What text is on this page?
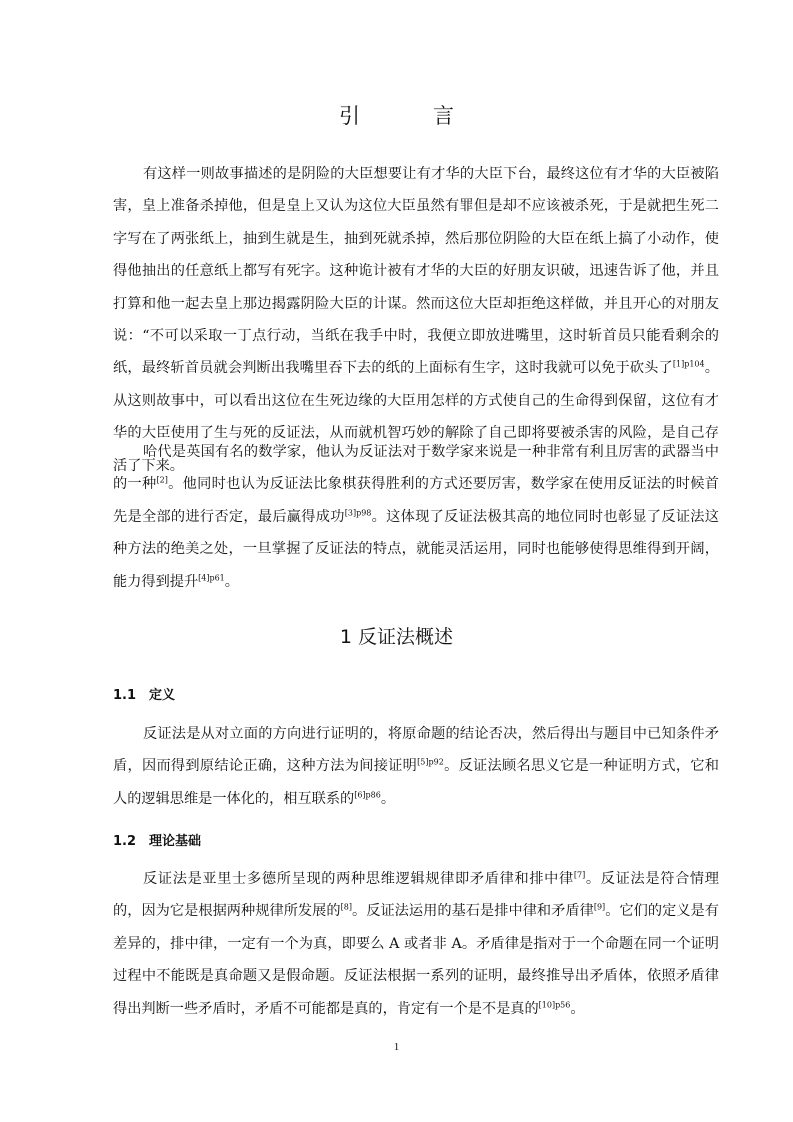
引　言

有这样一则故事描述的是阴险的大臣想要让有才华的大臣下台，最终这位有才华的大臣被陷害，皇上准备杀掉他，但是皇上又认为这位大臣虽然有罪但是却不应该被杀死，于是就把生死二字写在了两张纸上，抽到生就是生，抽到死就杀掉，然后那位阴险的大臣在纸上搞了小动作，使得他抽出的任意纸上都写有死字。这种诡计被有才华的大臣的好朋友识破，迅速告诉了他，并且打算和他一起去皇上那边揭露阴险大臣的计谋。然而这位大臣却拒绝这样做，并且开心的对朋友说：“不可以采取一丁点行动，当纸在我手中时，我便立即放进嘴里，这时斩首员只能看剩余的纸，最终斩首员就会判断出我嘴里吞下去的纸的上面标有生字，这时我就可以免于砍头了$^{[1]p104}$。从这则故事中，可以看出这位在生死边缘的大臣用怎样的方式使自己的生命得到保留，这位有才华的大臣使用了生与死的反证法，从而就机智巧妙的解除了自己即将要被杀害的风险，是自己存活了下来。

哈代是英国有名的数学家，他认为反证法对于数学家来说是一种非常有利且厉害的武器当中的一种[2]。他同时也认为反证法比象棋获得胜利的方式还要厉害，数学家在使用反证法的时候首先是全部的进行否定，最后赢得成功$^{[3]p98}$。这体现了反证法极其高的地位同时也彰显了反证法这种方法的绝美之处，一旦掌握了反证法的特点，就能灵活运用，同时也能够使得思维得到开阔，能力得到提升$^{[4]p61}$。

1 反证法概述
1.1 定义

反证法是从对立面的方向进行证明的，将原命题的结论否决，然后得出与题目中已知条件矛盾，因而得到原结论正确，这种方法为间接证明$^{[5]p92}$。反证法顾名思义它是一种证明方式，它和人的逻辑思维是一体化的，相互联系的$^{[6]p86}$。

1.2 理论基础

反证法是亚里士多德所呈现的两种思维逻辑规律即矛盾律和排中律[7]。反证法是符合情理的，因为它是根据两种规律所发展的[8]。反证法运用的基石是排中律和矛盾律[9]。它们的定义是有差异的，排中律，一定有一个为真，即要么 A 或者非 A。矛盾律是指对于一个命题在同一个证明过程中不能既是真命题又是假命题。反证法根据一系列的证明，最终推导出矛盾体，依照矛盾律得出判断一些矛盾时，矛盾不可能都是真的，肯定有一个是不是真的$^{[10]p56}$。

1
